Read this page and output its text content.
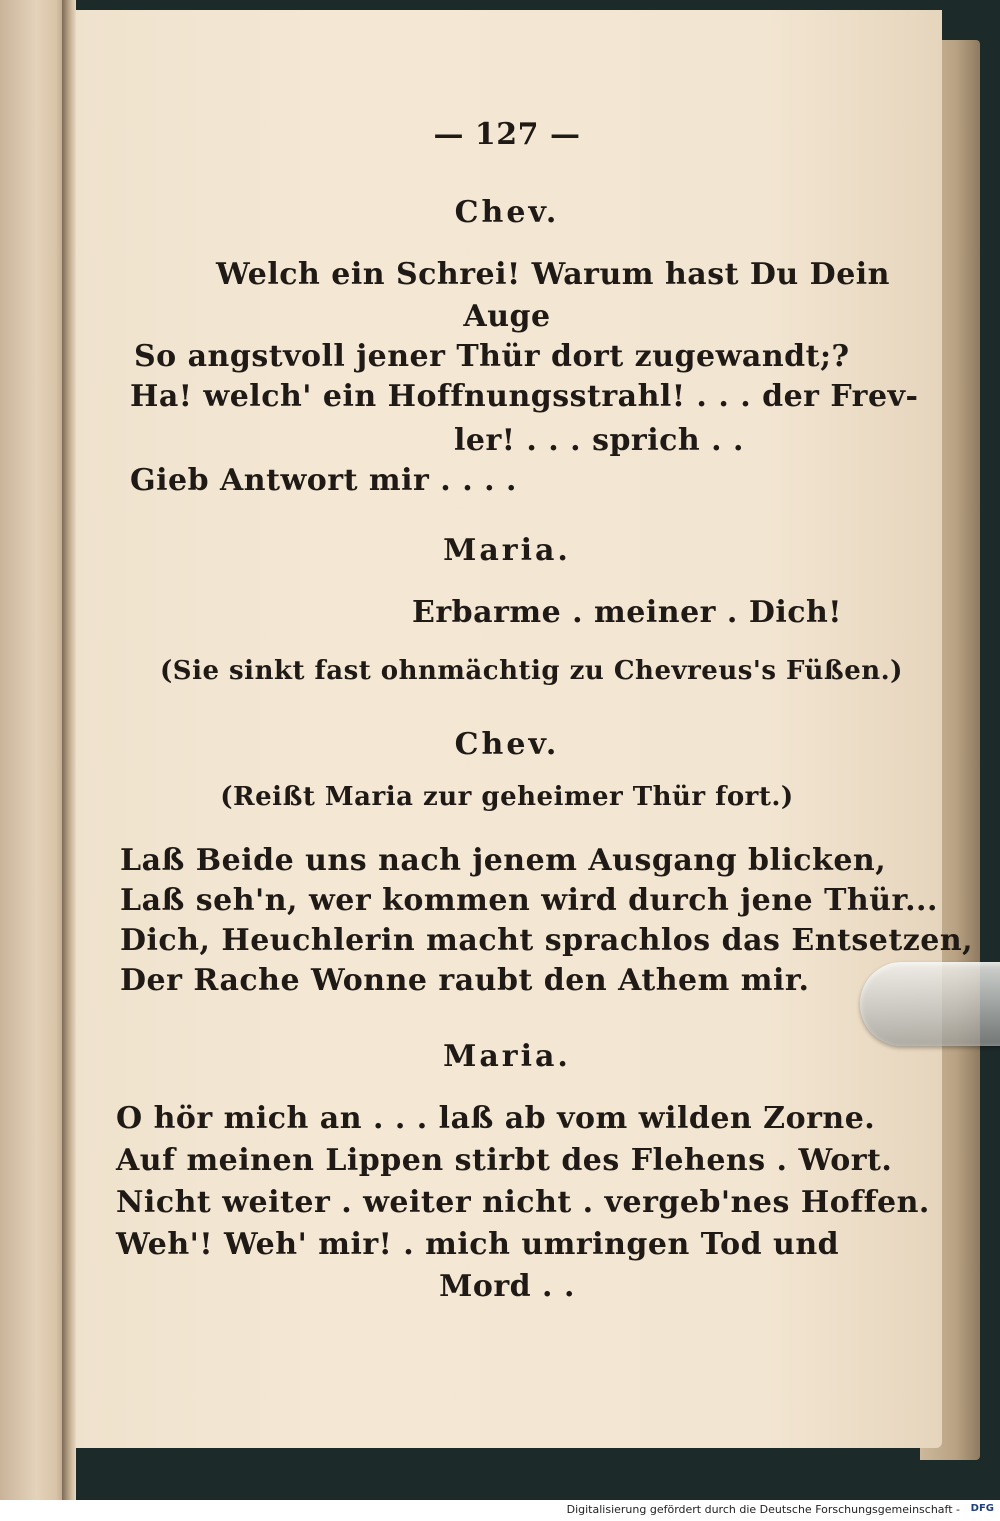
— 127 —
Chev.
Welch ein Schrei! Warum hast Du Dein
Auge
So angstvoll jener Thür dort zugewandt;?
Ha! welch' ein Hoffnungsstrahl! . . . der Frev-
ler! . . . sprich . .
Gieb Antwort mir . . . .
Maria.
Erbarme . meiner . Dich!
(Sie sinkt fast ohnmächtig zu Chevreus's Füßen.)
Chev.
(Reißt Maria zur geheimer Thür fort.)
Laß Beide uns nach jenem Ausgang blicken,
Laß seh'n, wer kommen wird durch jene Thür...
Dich, Heuchlerin macht sprachlos das Entsetzen,
Der Rache Wonne raubt den Athem mir.
Maria.
O hör mich an . . . laß ab vom wilden Zorne.
Auf meinen Lippen stirbt des Flehens . Wort.
Nicht weiter . weiter nicht . vergeb'nes Hoffen.
Weh'! Weh' mir! . mich umringen Tod und
Mord . .
Digitalisierung gefördert durch die Deutsche Forschungsgemeinschaft - DFG
